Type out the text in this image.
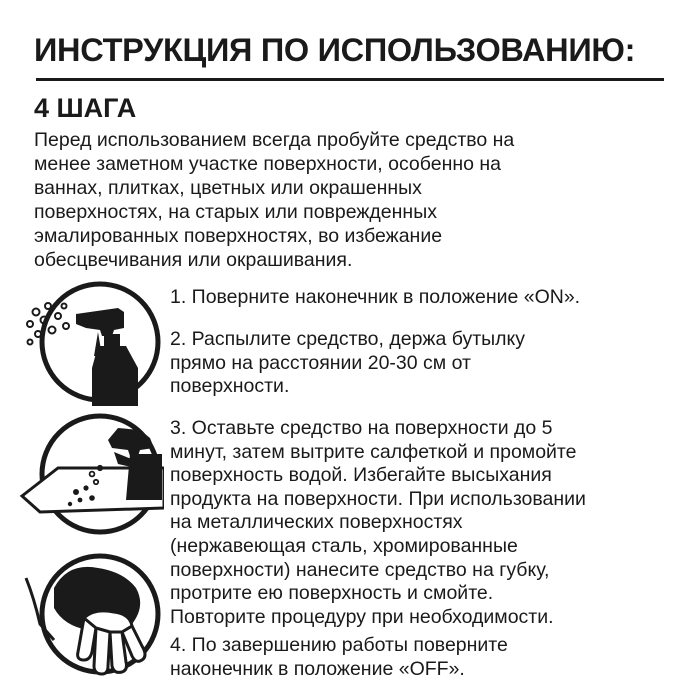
ИНСТРУКЦИЯ ПО ИСПОЛЬЗОВАНИЮ:
4 ШАГА
Перед использованием всегда пробуйте средство на
менее заметном участке поверхности, особенно на
ваннах, плитках, цветных или окрашенных
поверхностях, на старых или поврежденных
эмалированных поверхностях, во избежание
обесцвечивания или окрашивания.
1. Поверните наконечник в положение «ON».
2. Распылите средство, держа бутылку
прямо на расстоянии 20-30 см от
поверхности.
3. Оставьте средство на поверхности до 5
минут, затем вытрите салфеткой и промойте
поверхность водой. Избегайте высыхания
продукта на поверхности. При использовании
на металлических поверхностях
(нержавеющая сталь, хромированные
поверхности) нанесите средство на губку,
протрите ею поверхность и смойте.
Повторите процедуру при необходимости.
4. По завершению работы поверните
наконечник в положение «OFF».
